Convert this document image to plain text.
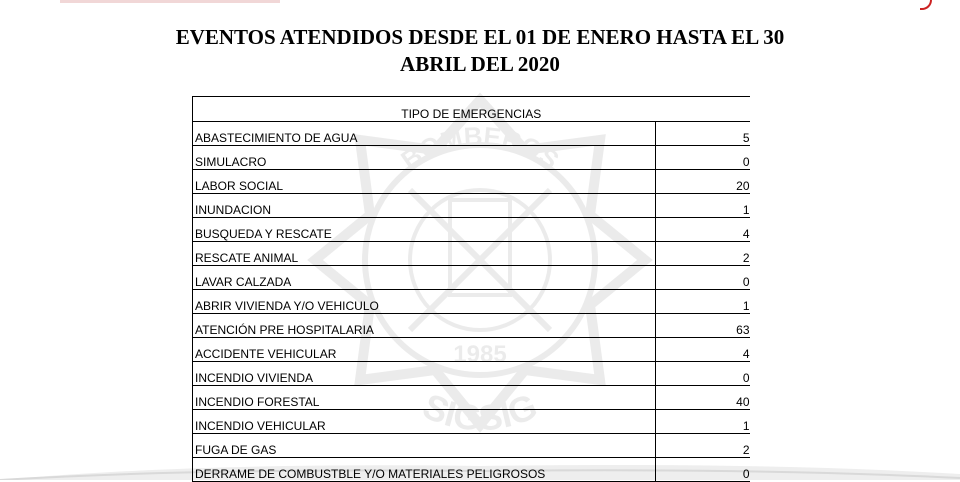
EVENTOS ATENDIDOS DESDE EL 01 DE ENERO HASTA EL 30
ABRIL DEL 2020
BOMBEROS
1985
SIGSIG
TIPO DE EMERGENCIAS	
ABASTECIMIENTO DE AGUA	5
SIMULACRO	0
LABOR SOCIAL	20
INUNDACION	1
BUSQUEDA Y RESCATE	4
RESCATE ANIMAL	2
LAVAR CALZADA	0
ABRIR VIVIENDA Y/O VEHICULO	1
ATENCIÓN PRE HOSPITALARIA	63
ACCIDENTE VEHICULAR	4
INCENDIO VIVIENDA	0
INCENDIO FORESTAL	40
INCENDIO VEHICULAR	1
FUGA DE GAS	2
DERRAME DE COMBUSTBLE Y/O MATERIALES PELIGROSOS	0
